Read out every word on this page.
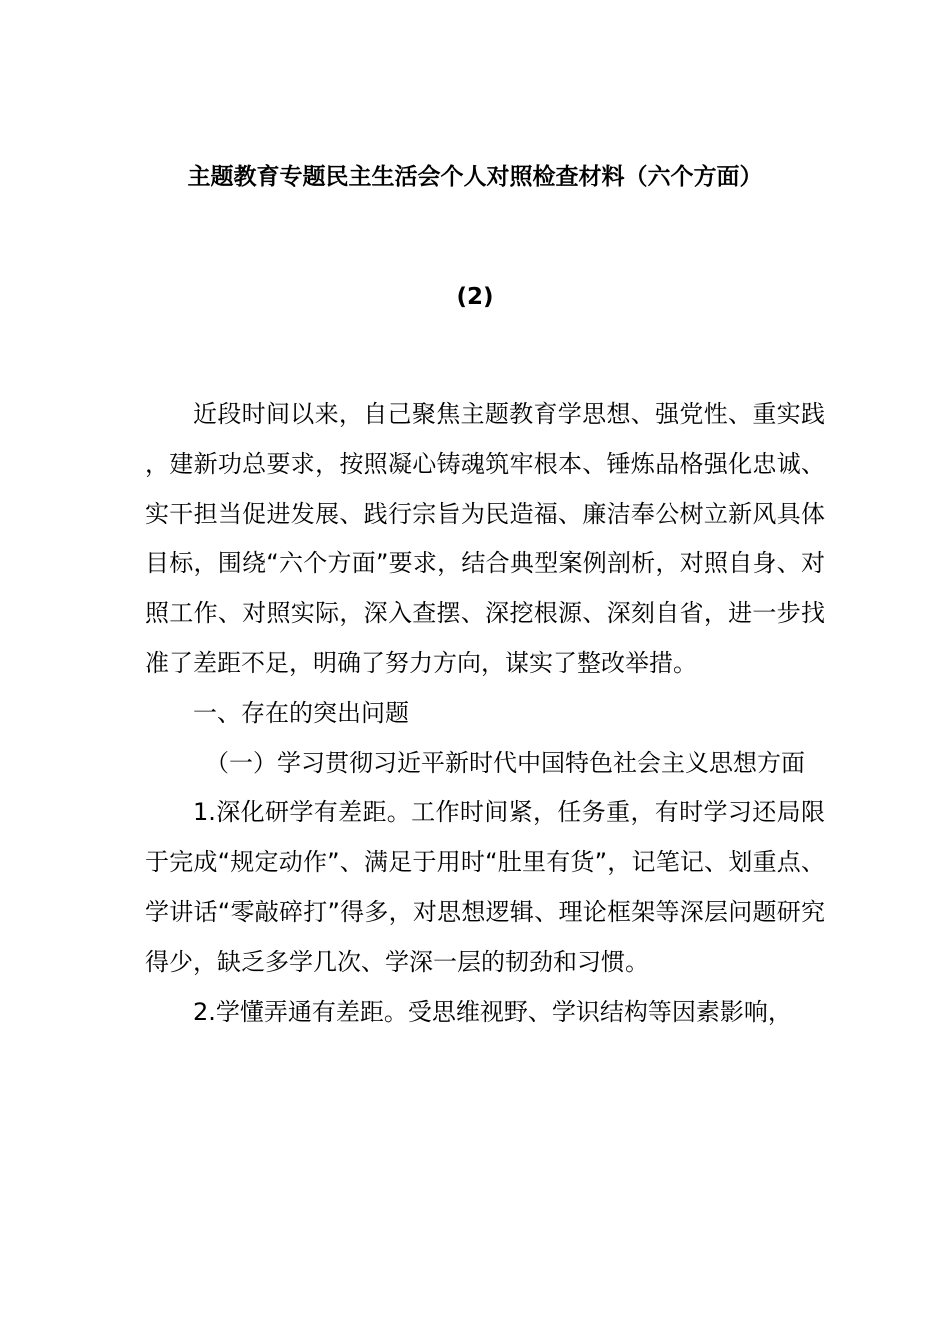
主题教育专题民主生活会个人对照检查材料（六个方面）
(2)

近段时间以来，自己聚焦主题教育学思想、强党性、重实践，建新功总要求，按照凝心铸魂筑牢根本、锤炼品格强化忠诚、实干担当促进发展、践行宗旨为民造福、廉洁奉公树立新风具体目标，围绕“六个方面”要求，结合典型案例剖析，对照自身、对照工作、对照实际，深入查摆、深挖根源、深刻自省，进一步找准了差距不足，明确了努力方向，谋实了整改举措。

一、存在的突出问题

（一）学习贯彻习近平新时代中国特色社会主义思想方面

1.深化研学有差距。工作时间紧，任务重，有时学习还局限于完成“规定动作”、满足于用时“肚里有货”，记笔记、划重点、学讲话“零敲碎打”得多，对思想逻辑、理论框架等深层问题研究得少，缺乏多学几次、学深一层的韧劲和习惯。

2.学懂弄通有差距。受思维视野、学识结构等因素影响，
